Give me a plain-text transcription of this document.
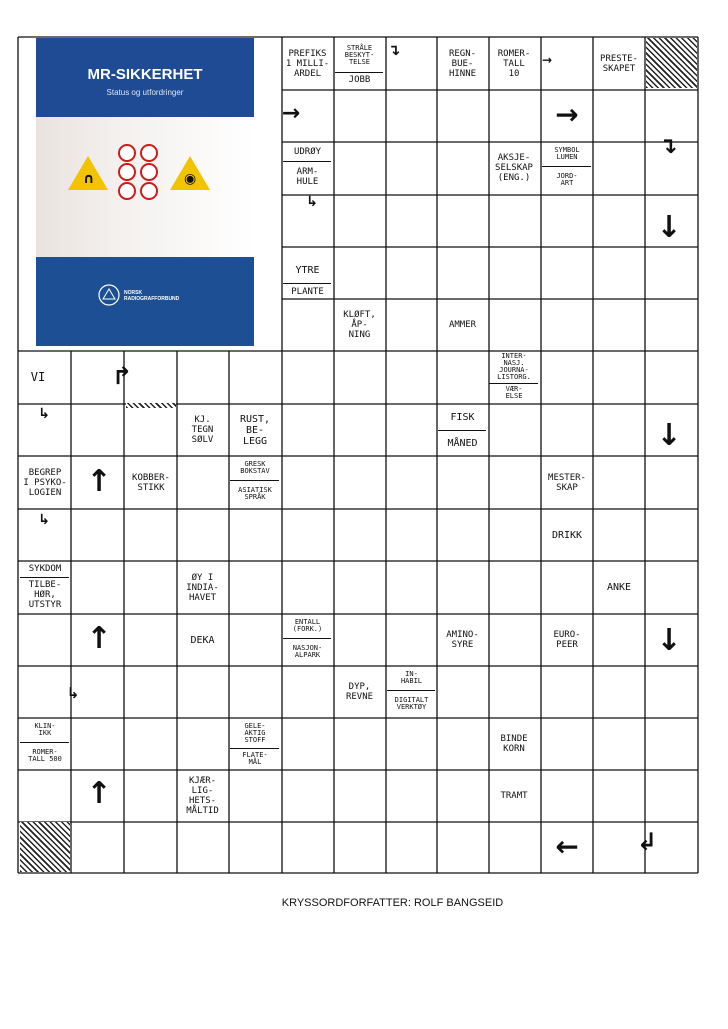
MR-SIKKERHET
Status og utfordringer
∩	◉
NORSK
RADIOGRAFFORBUND
PREFIKS
1 MILLI-
ARDEL
STRÅLE
BESKYT-
TELSE
JOBB
REGN-
BUE-
HINNE
ROMER-
TALL
10
PRESTE-
SKAPET
UDRØY
ARM-
HULE
AKSJE-
SELSKAP
(ENG.)
SYMBOL
LUMEN
JORD-
ART
YTRE
PLANTE
KLØFT,
ÅP-
NING
AMMER
VI
INTER-
NASJ.
JOURNA-
LISTORG.
VÆR-
ELSE
KJ.
TEGN
SØLV
RUST,
BE-
LEGG
FISK
MÅNED
BEGREP
I PSYKO-
LOGIEN
KOBBER-
STIKK
GRESK
BOKSTAV
ASIATISK
SPRÅK
MESTER-
SKAP
DRIKK
SYKDOM
TILBE-
HØR,
UTSTYR
ØY I
INDIA-
HAVET
ANKE
DEKA
ENTALL
(FORK.)
NASJON-
ALPARK
AMINO-
SYRE
EURO-
PEER
DYP,
REVNE
IN-
HABIL
DIGITALT
VERKTØY
KLIN-
IKK
ROMER-
TALL 500
GELE-
AKTIG
STOFF
FLATE-
MÅL
BINDE
KORN
KJÆR-
LIG-
HETS-
MÅLTID
TRAMT
↴
→
→	→
↴
↳
↓
↱
↳
↓
↑
↳
↑	↓
↳
↑
←	↲
KRYSSORDFORFATTER: ROLF BANGSEID
